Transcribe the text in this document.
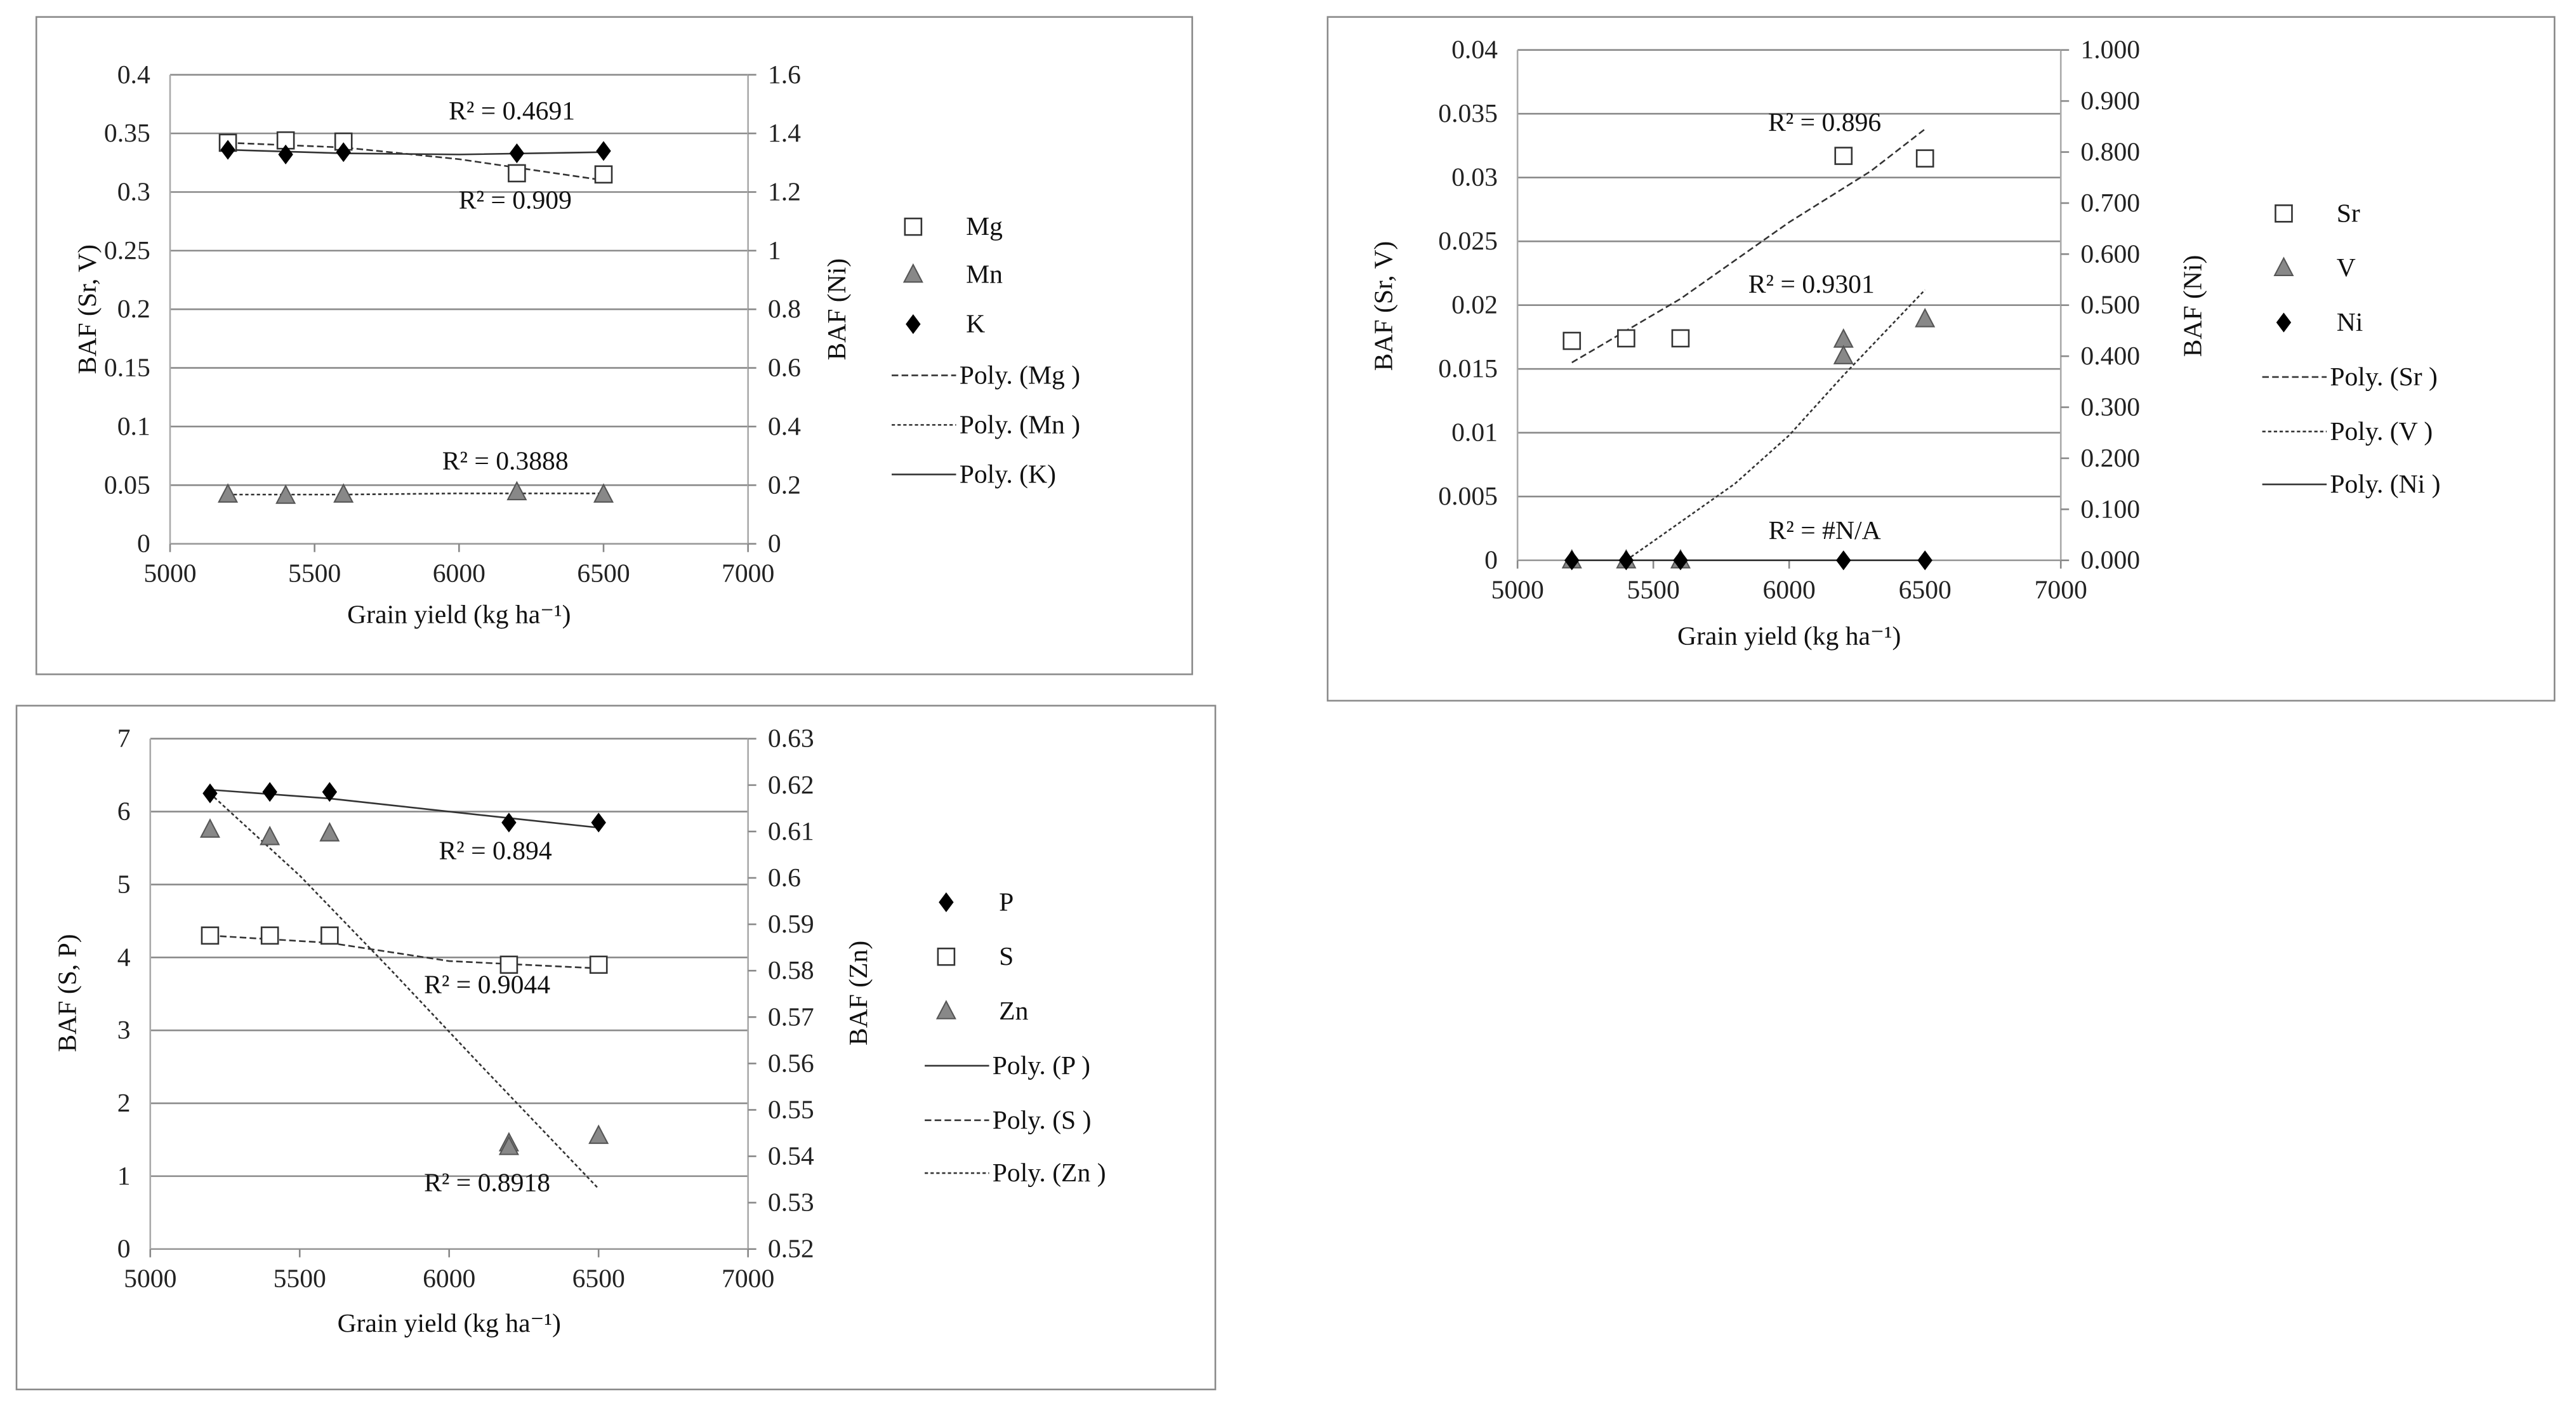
0
0.05
0.1
0.15
0.2
0.25
0.3
0.35
0.4
0
0.2
0.4
0.6
0.8
1
1.2
1.4
1.6
5000	5500	6000	6500	7000
Grain yield (kg ha⁻¹)
BAF (Sr, V)	BAF (Ni)
R² = 0.4691
R² = 0.909
R² = 0.3888
Mg
Mn
K
Poly. (Mg )
Poly. (Mn )
Poly. (K)
0
0.005
0.01
0.015
0.02
0.025
0.03
0.035
0.04
0.000
0.100
0.200
0.300
0.400
0.500
0.600
0.700
0.800
0.900
1.000
5000	5500	6000	6500	7000
Grain yield (kg ha⁻¹)
BAF (Sr, V)	BAF (Ni)
R² = 0.896
R² = 0.9301
R² = #N/A
Sr
V
Ni
Poly. (Sr )
Poly. (V )
Poly. (Ni )
0
1
2
3
4
5
6
7
0.52
0.53
0.54
0.55
0.56
0.57
0.58
0.59
0.6
0.61
0.62
0.63
5000	5500	6000	6500	7000
Grain yield (kg ha⁻¹)
BAF (S, P)	BAF (Zn)
R² = 0.894
R² = 0.9044
R² = 0.8918
P
S
Zn
Poly. (P )
Poly. (S )
Poly. (Zn )
